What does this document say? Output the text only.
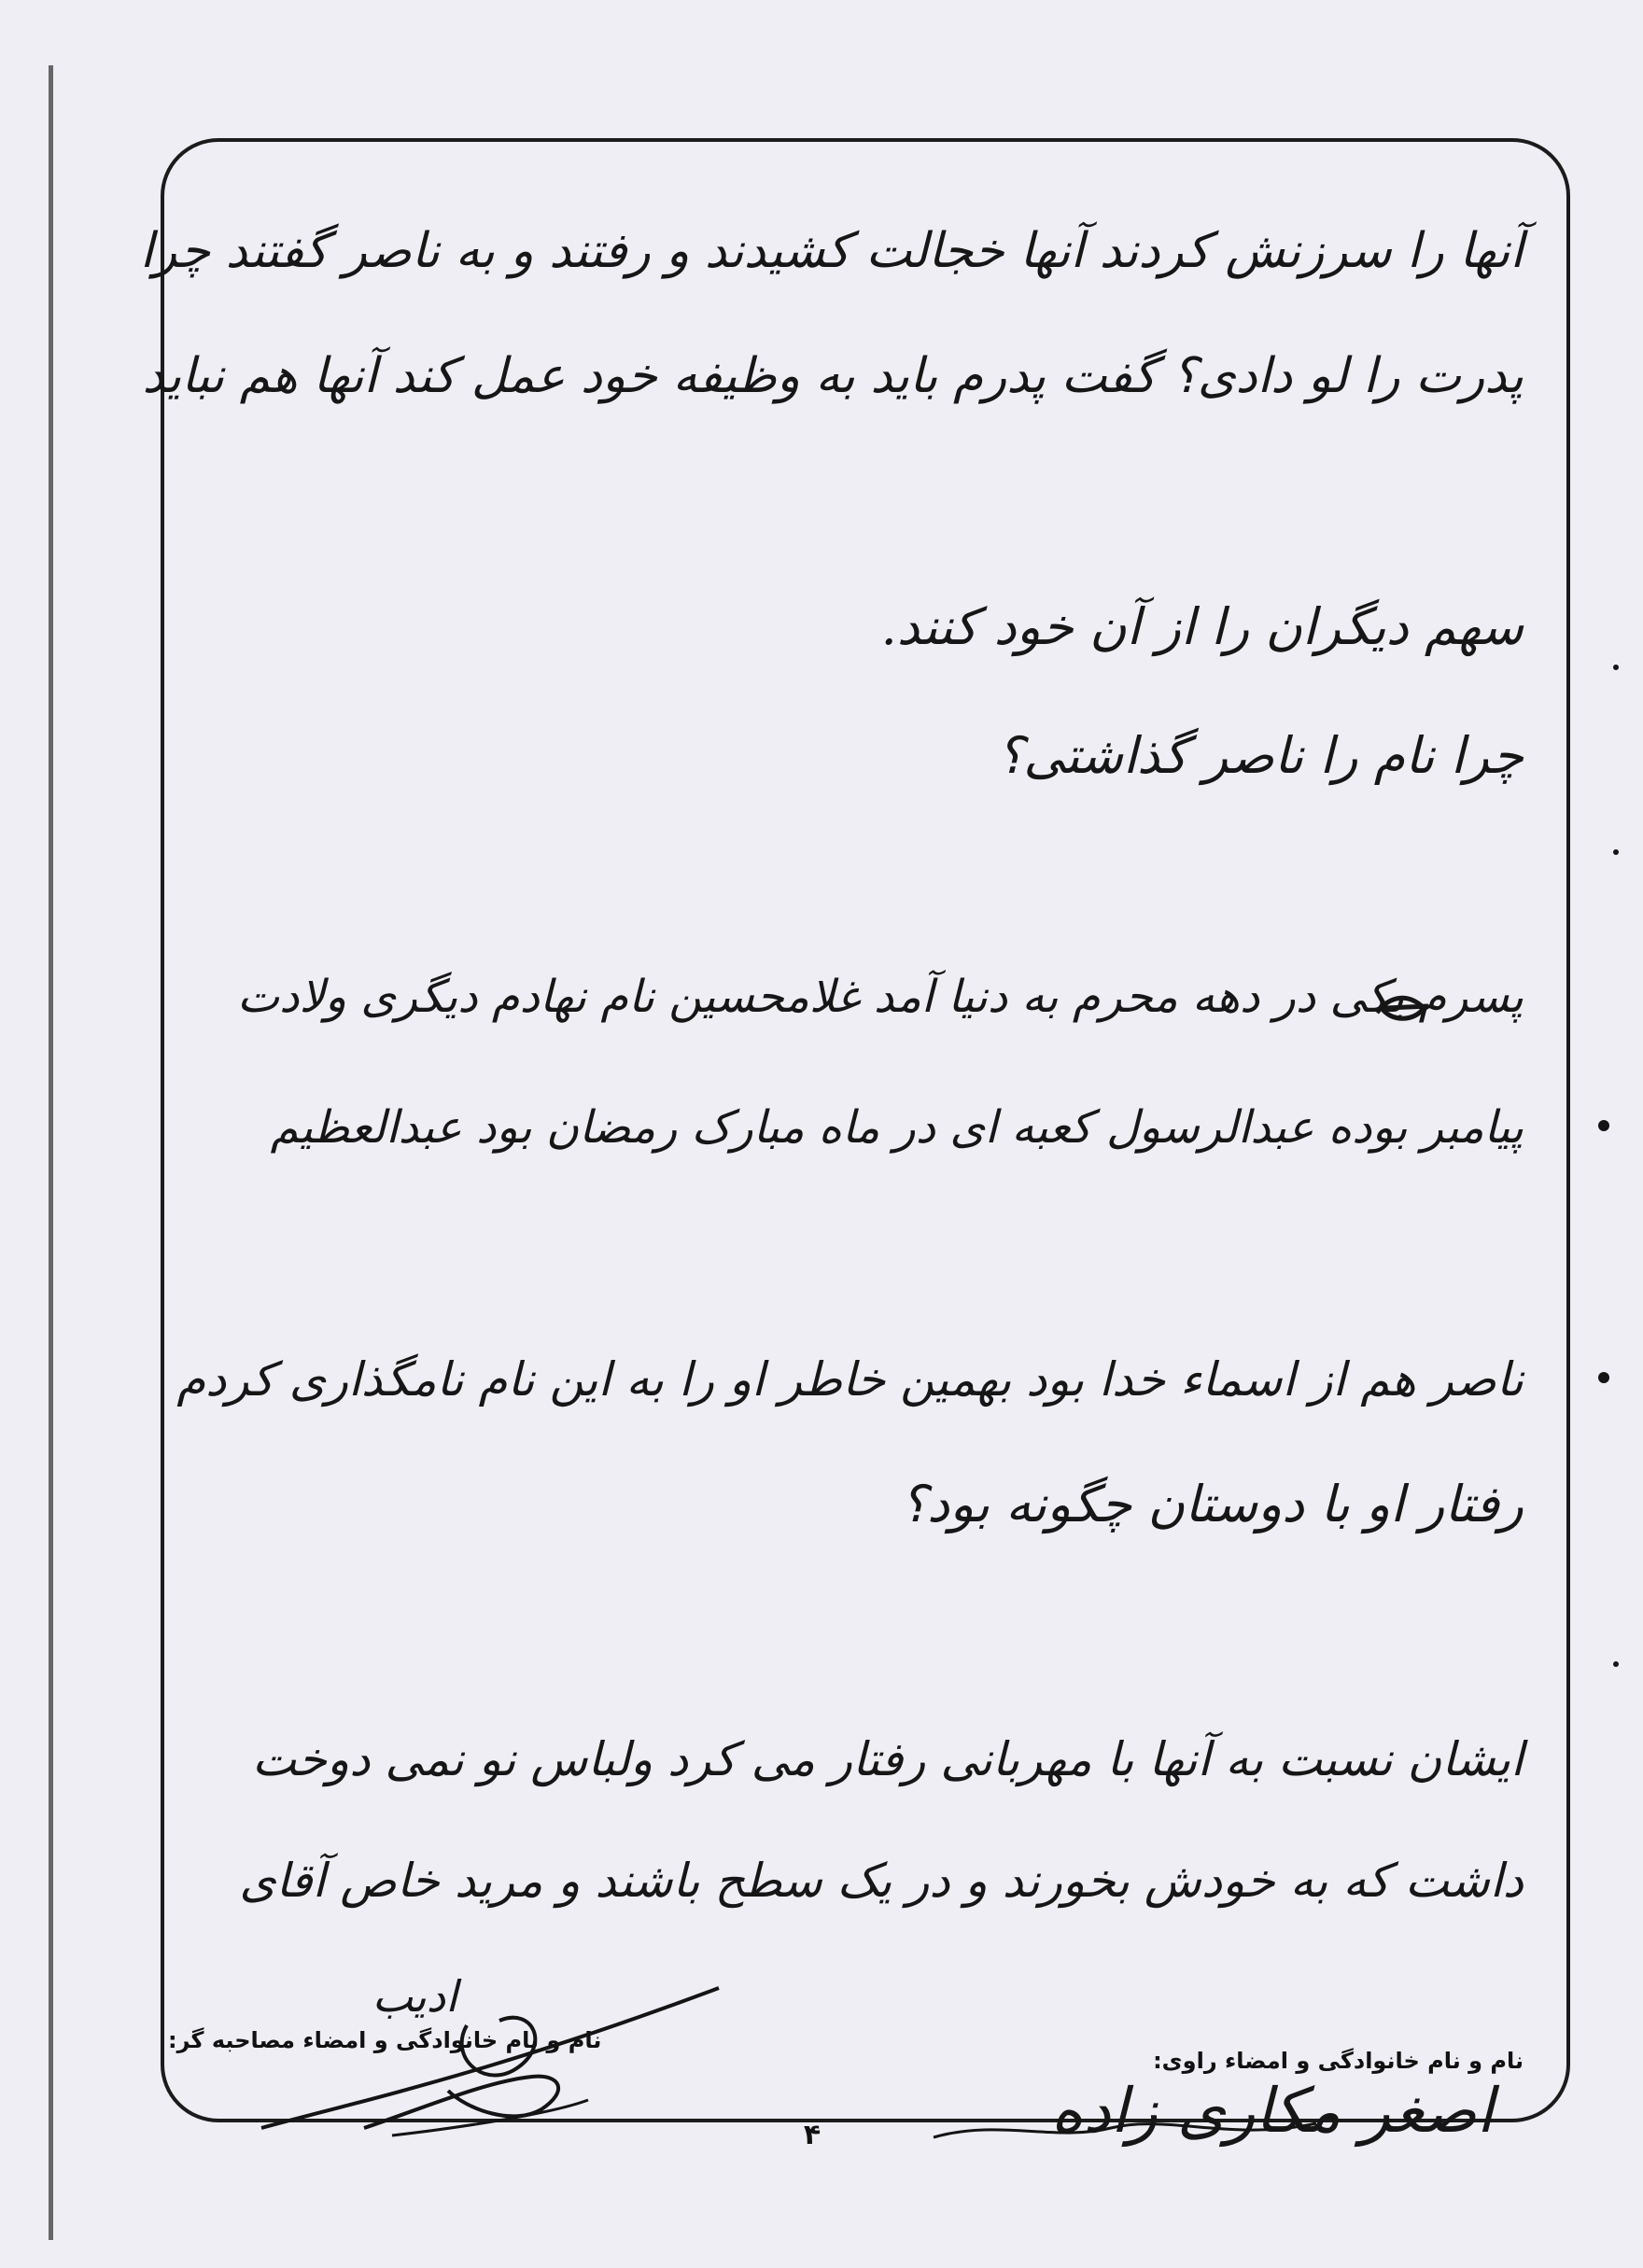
آنها را سرزنش کردند آنها خجالت کشیدند و رفتند و به ناصر گفتند چرا
پدرت را لو دادی؟ گفت پدرم باید به وظیفه خود عمل کند آنها هم نباید
سهم دیگران را از آن خود کنند.
چرا نام را ناصر گذاشتی؟
پسرم یکی در دهه محرم به دنیا آمد غلامحسین نام نهادم دیگری ولادت
پیامبر بوده عبدالرسول کعبه ای در ماه مبارک رمضان بود عبدالعظیم
ناصر هم از اسماء خدا بود بهمین خاطر او را به این نام نامگذاری کردم
رفتار او با دوستان چگونه بود؟
ایشان نسبت به آنها با مهربانی رفتار می کرد ولباس نو نمی دوخت
داشت که به خودش بخورند و در یک سطح باشند و مرید خاص آقای
ادیب
نام و نام خانوادگی و امضاء مصاحبه گر:
نام و نام خانوادگی و امضاء راوی:
اصغر مکاری زاده
۴
